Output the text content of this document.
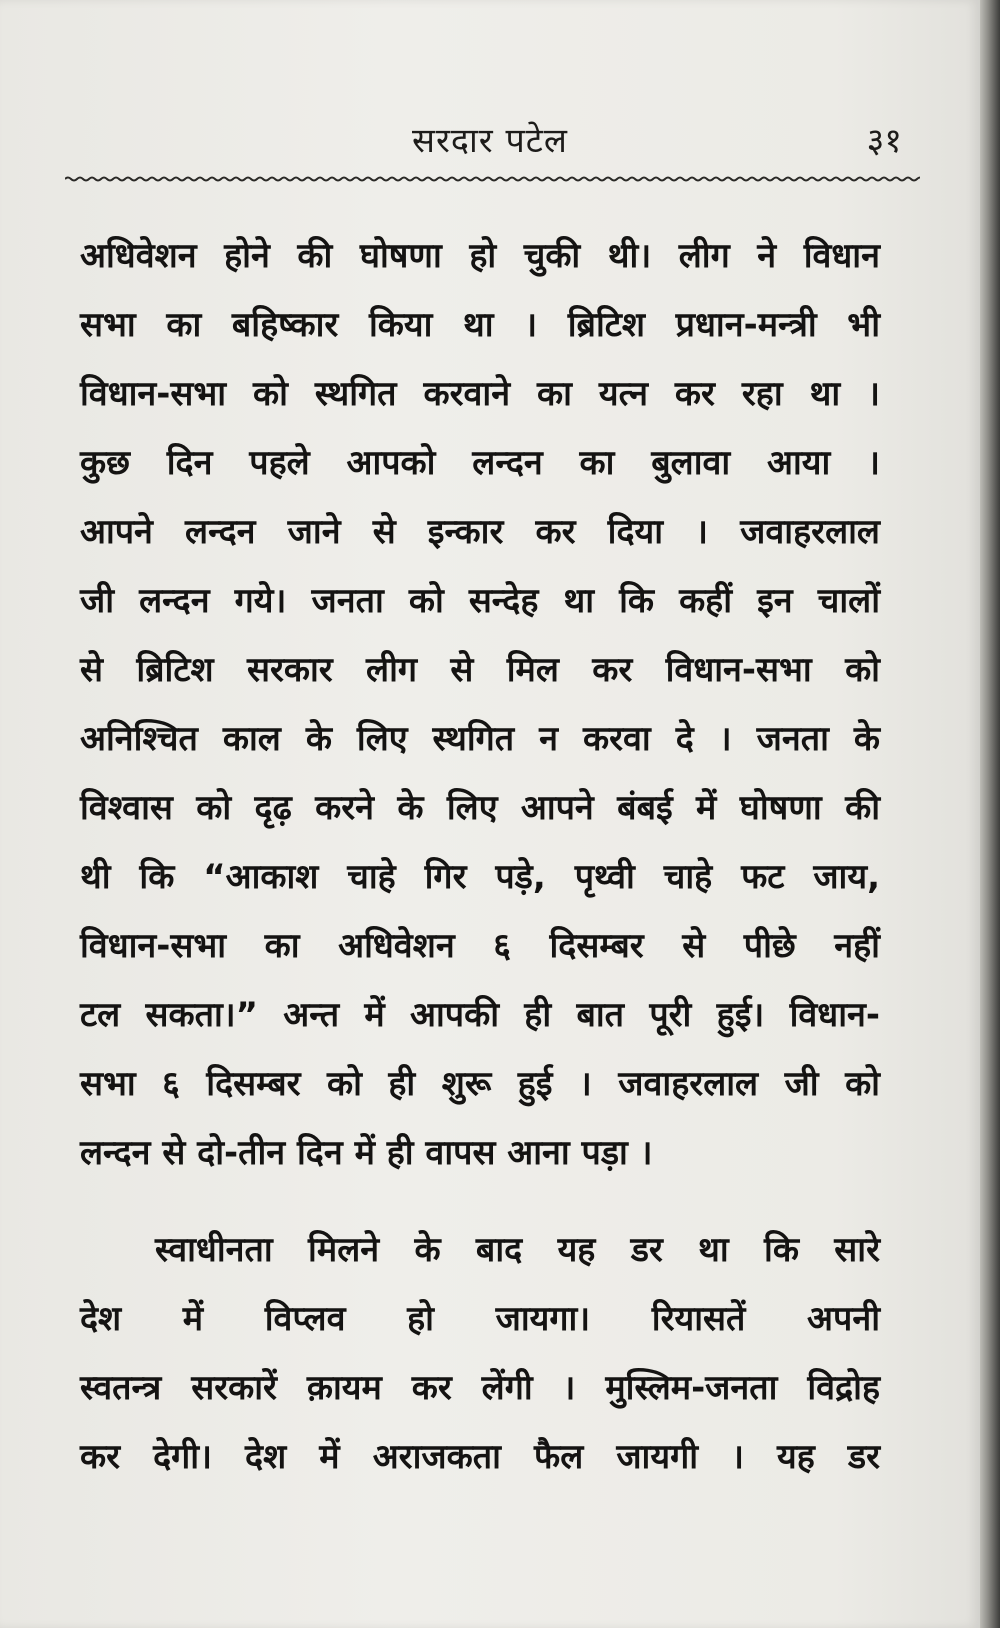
सरदार पटेल	३१
अधिवेशन होने की घोषणा हो चुकी थी। लीग ने विधान
सभा का बहिष्कार किया था । ब्रिटिश प्रधान-मन्त्री भी
विधान-सभा को स्थगित करवाने का यत्न कर रहा था ।
कुछ दिन पहले आपको लन्दन का बुलावा आया ।
आपने लन्दन जाने से इन्कार कर दिया । जवाहरलाल
जी लन्दन गये। जनता को सन्देह था कि कहीं इन चालों
से ब्रिटिश सरकार लीग से मिल कर विधान-सभा को
अनिश्चित काल के लिए स्थगित न करवा दे । जनता के
विश्वास को दृढ़ करने के लिए आपने बंबई में घोषणा की
थी कि “आकाश चाहे गिर पड़े, पृथ्वी चाहे फट जाय,
विधान-सभा का अधिवेशन ६ दिसम्बर से पीछे नहीं
टल सकता।” अन्त में आपकी ही बात पूरी हुई। विधान-
सभा ६ दिसम्बर को ही शुरू हुई । जवाहरलाल जी को
लन्दन से दो-तीन दिन में ही वापस आना पड़ा ।
स्वाधीनता मिलने के बाद यह डर था कि सारे
देश में विप्लव हो जायगा। रियासतें अपनी
स्वतन्त्र सरकारें क़ायम कर लेंगी । मुस्लिम-जनता विद्रोह
कर देगी। देश में अराजकता फैल जायगी । यह डर
